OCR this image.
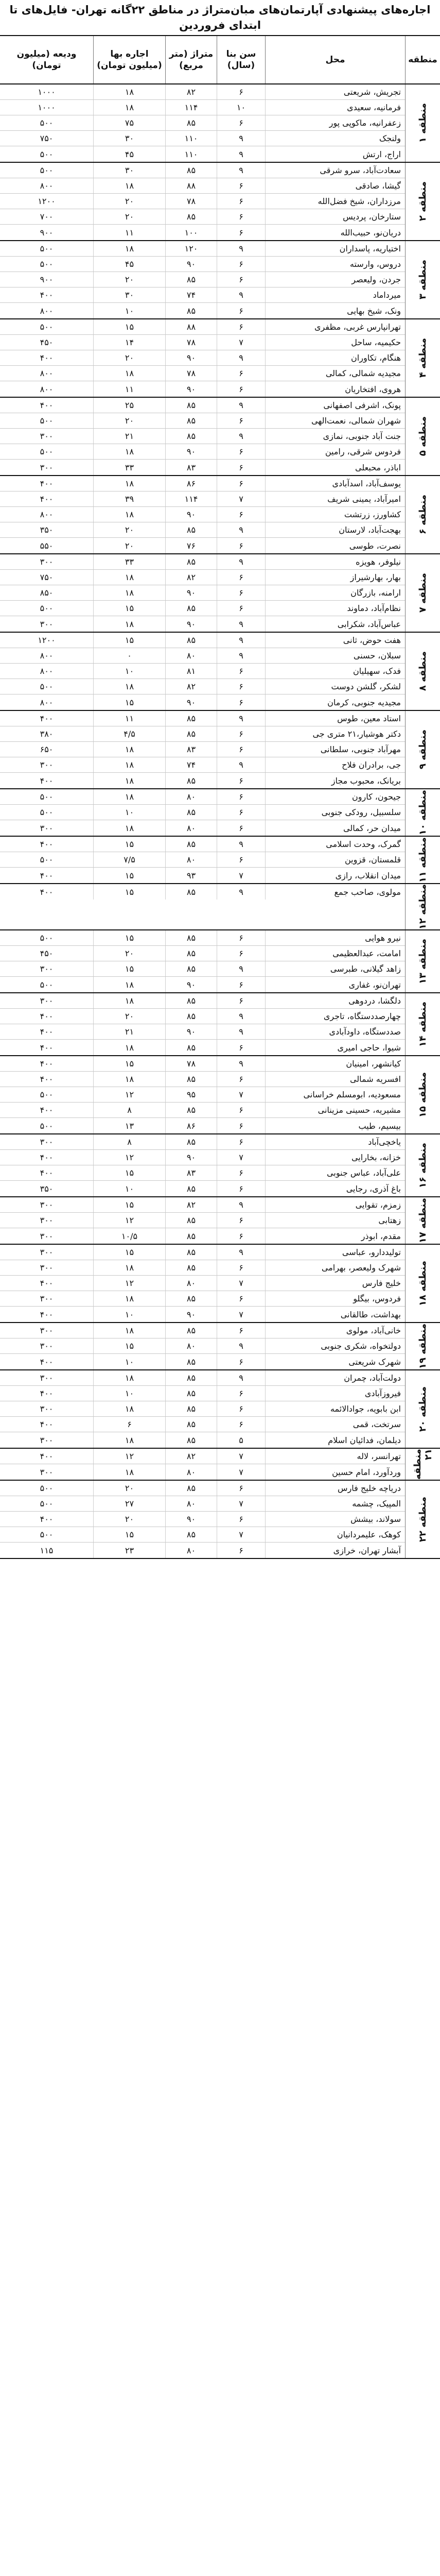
اجاره‌های پیشنهادی آپارتمان‌های مبان‌متراژ در مناطق ۲۲‌گانه تهران- فایل‌های تا ابتدای فروردین
منطقه
محل
سن بنا (سال)
متراژ (متر مربع)
اجاره بها (میلیون تومان)
ودیعه (میلیون تومان)
منطقه ۱
تجریش، شریعتی
۶
۸۲
۱۸
۱۰۰۰
فرمانیه، سعیدی
۱۰
۱۱۴
۱۸
۱۰۰۰
زعفرانیه، ماکوپی پور
۶
۸۵
۷۵
۵۰۰
ولنجک
۹
۱۱۰
۳۰
۷۵۰
اراج، ارتش
۹
۱۱۰
۴۵
۵۰۰
منطقه ۲
سعادت‌آباد، سرو شرقی
۹
۸۵
۳۰
۵۰۰
گیشا، صادقی
۶
۸۸
۱۸
۸۰۰
مرزداران، شیخ فضل‌الله
۶
۷۸
۲۰
۱۲۰۰
ستارخان، پردیس
۶
۸۵
۲۰
۷۰۰
دریان‌نو، حبیب‌الله
۶
۱۰۰
۱۱
۹۰۰
منطقه ۳
اختیاریه، پاسداران
۹
۱۲۰
۱۸
۵۰۰
دروس، وارسته
۶
۹۰
۴۵
۵۰۰
جردن، ولیعصر
۶
۸۵
۲۰
۹۰۰
میرداماد
۹
۷۴
۳۰
۴۰۰
ونک، شیخ بهایی
۶
۸۵
۱۰
۸۰۰
منطقه ۴
تهرانپارس غربی، مظفری
۶
۸۸
۱۵
۵۰۰
حکیمیه، ساحل
۷
۷۸
۱۴
۴۵۰
هنگام، تکاوران
۹
۹۰
۲۰
۴۰۰
مجیدیه شمالی، کمالی
۶
۷۸
۱۸
۸۰۰
هروی، افتخاریان
۶
۹۰
۱۱
۸۰۰
منطقه ۵
پونک، اشرفی اصفهانی
۹
۸۵
۲۵
۴۰۰
شهران شمالی، نعمت‌الهی
۶
۸۵
۲۰
۵۰۰
جنت آباد جنوبی، نمازی
۹
۸۵
۲۱
۳۰۰
فردوس شرقی، رامین
۶
۹۰
۱۸
۵۰۰
اباذر، محبعلی
۶
۸۳
۳۳
۳۰۰
منطقه ۶
یوسف‌آباد، اسدآبادی
۶
۸۶
۱۸
۴۰۰
امیرآباد، یمینی شریف
۷
۱۱۴
۳۹
۴۰۰
کشاورز، زرتشت
۶
۹۰
۱۸
۸۰۰
بهجت‌آباد، لارستان
۹
۸۵
۲۰
۳۵۰
نصرت، طوسی
۶
۷۶
۲۰
۵۵۰
منطقه ۷
نیلوفر، هویزه
۹
۸۵
۳۳
۳۰۰
بهار، بهارشیراز
۶
۸۲
۱۸
۷۵۰
ارامنه، بازرگان
۶
۹۰
۱۸
۸۵۰
نظام‌آباد، دماوند
۶
۸۵
۱۵
۵۰۰
عباس‌آباد، شکرابی
۹
۹۰
۱۸
۳۰۰
منطقه ۸
هفت حوض، ثانی
۹
۸۵
۱۵
۱۲۰۰
سبلان، حسنی
۹
۸۰
۰
۸۰۰
فدک، سهیلیان
۶
۸۱
۱۰
۸۰۰
لشکر، گلشن دوست
۶
۸۲
۱۸
۵۰۰
مجیدیه جنوبی، کرمان
۶
۹۰
۱۵
۸۰۰
منطقه ۹
استاد معین، طوس
۹
۸۵
۱۱
۴۰۰
دکتر هوشیار،۲۱ متری جی
۶
۸۵
۴/۵
۳۸۰
مهرآباد جنوبی، سلطانی
۶
۸۳
۱۸
۶۵۰
جی، برادران فلاح
۹
۷۴
۱۸
۳۰۰
بریانک، محبوب مجاز
۶
۸۵
۱۸
۴۰۰
منطقه ۱۰
جیحون، کارون
۶
۸۰
۱۸
۵۰۰
سلسبیل، رودکی جنوبی
۶
۸۵
۱۰
۵۰۰
میدان حر، کمالی
۶
۸۰
۱۸
۳۰۰
منطقه ۱۱
گمرک، وحدت اسلامی
۹
۸۵
۱۵
۴۰۰
قلمستان، قزوین
۶
۸۰
۷/۵
۵۰۰
میدان انقلاب، رازی
۷
۹۳
۱۵
۴۰۰
منطقه ۱۲
مولوی، صاحب جمع
۹
۸۵
۱۵
۴۰۰
منطقه ۱۳
نیرو هوایی
۶
۸۵
۱۵
۵۰۰
امامت، عبدالعظیمی
۶
۸۵
۲۰
۴۵۰
زاهد گیلانی، طبرسی
۹
۸۵
۱۵
۳۰۰
تهران‌نو، غفاری
۶
۹۰
۱۸
۵۰۰
منطقه ۱۴
دلگشا، دردوهی
۶
۸۵
۱۸
۳۰۰
چهارصددستگاه، تاجری
۹
۸۵
۲۰
۴۰۰
صددستگاه، داودآبادی
۹
۹۰
۲۱
۴۰۰
شیوا، حاجی امیری
۶
۸۵
۱۸
۴۰۰
منطقه ۱۵
کیانشهر، امینیان
۹
۷۸
۱۵
۴۰۰
افسریه شمالی
۶
۸۵
۱۸
۴۰۰
مسعودیه، ابومسلم خراسانی
۷
۹۵
۱۲
۵۰۰
مشیریه، حسینی مزینانی
۶
۸۵
۸
۴۰۰
بیسیم، طیب
۶
۸۶
۱۳
۵۰۰
منطقه ۱۶
یاخچی‌آباد
۶
۸۵
۸
۳۰۰
خزانه، بخارایی
۷
۹۰
۱۲
۴۰۰
علی‌آباد، عباس‌ جنوبی
۶
۸۳
۱۵
۴۰۰
باغ آذری، رجایی
۶
۸۵
۱۰
۳۵۰
منطقه ۱۷
زمزم، تقوایی
۹
۸۲
۱۵
۳۰۰
زهتابی
۶
۸۵
۱۲
۳۰۰
مقدم، ابوذر
۶
۸۵
۱۰/۵
۳۰۰
منطقه ۱۸
تولیددارو، عباسی
۹
۸۵
۱۵
۳۰۰
شهرک ولیعصر، بهرامی
۶
۸۵
۱۸
۳۰۰
خلیج فارس
۷
۸۰
۱۲
۴۰۰
فردوس، بیگلو
۶
۸۵
۱۸
۳۰۰
بهداشت، طالقانی
۷
۹۰
۱۰
۴۰۰
منطقه ۱۹
خانی‌آباد، مولوی
۶
۸۵
۱۸
۳۰۰
دولتخواه، شکری جنوبی
۹
۸۰
۱۵
۳۰۰
شهرک شریعتی
۶
۸۵
۱۰
۴۰۰
منطقه ۲۰
دولت‌آباد، چمران
۹
۸۵
۱۸
۳۰۰
فیروزآبادی
۶
۸۵
۱۰
۴۰۰
ابن بابویه، جوادالائمه
۶
۸۵
۱۸
۳۰۰
سرتخت، قمی
۶
۸۵
۶
۴۰۰
دیلمان، فدائیان اسلام
۵
۸۵
۱۸
۳۰۰
منطقه ۲۱
تهرانسر، لاله
۷
۸۲
۱۲
۴۰۰
وردآورد، امام حسین
۷
۸۰
۱۸
۳۰۰
منطقه ۲۲
دریاچه خلیج فارس
۶
۸۵
۲۰
۵۰۰
المپیک، چشمه
۷
۸۰
۲۷
۵۰۰
سولاند، بیشش
۶
۹۰
۲۰
۴۰۰
کوهک، علیمردانیان
۷
۸۵
۱۵
۵۰۰
آبشار تهران، خرازی
۶
۸۰
۲۳
۱۱۵
